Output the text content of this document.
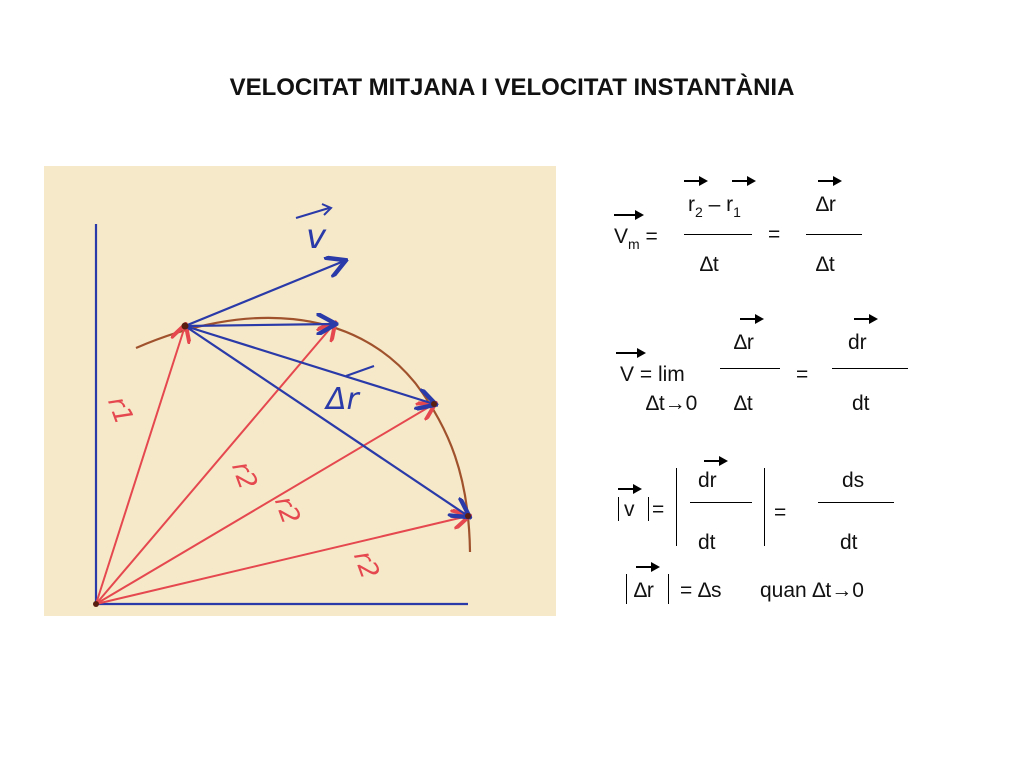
VELOCITAT MITJANA I VELOCITAT INSTANTÀNIA
v
Δr
r1
r2
r2
r2
$V_m$ =
$r_2 - r_1$
∆t
=
∆r
∆t
V = lim
∆t→0
∆r
∆t
=
dr
dt
v =
dr
dt
=
ds
dt
∆r = ∆s quan ∆t→0
